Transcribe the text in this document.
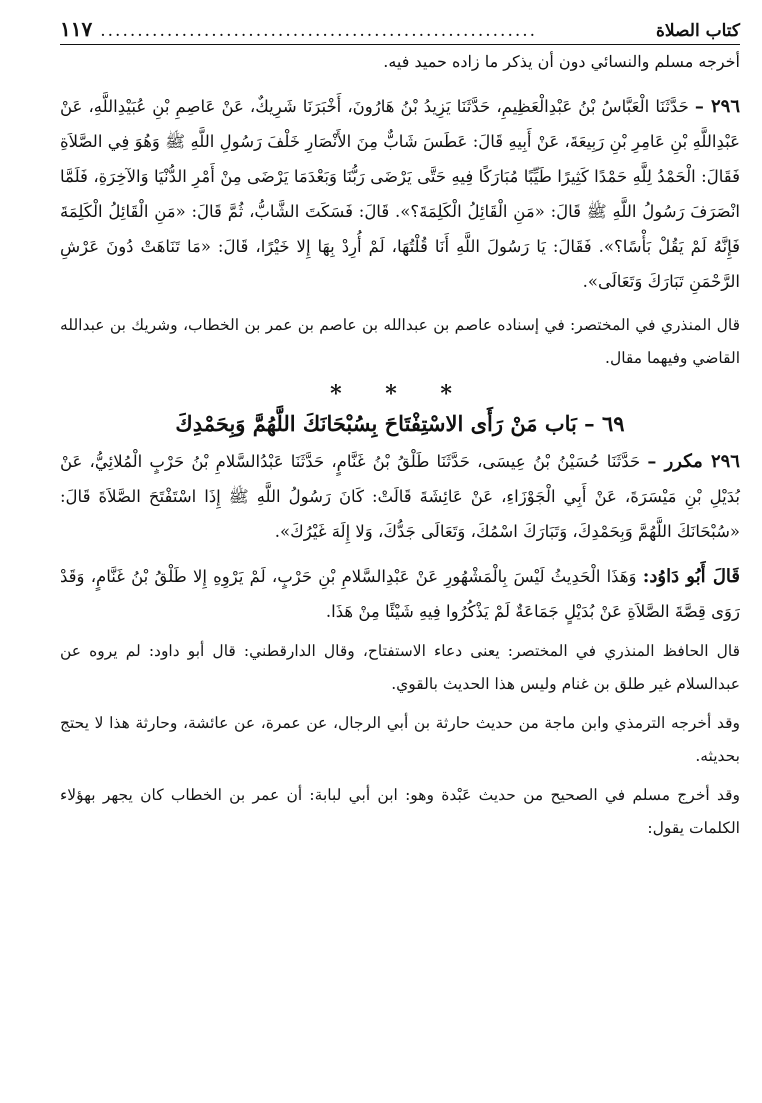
كتاب الصلاة
...........................................................
١١٧

أخرجه مسلم والنسائي دون أن يذكر ما زاده حميد فيه.

٢٩٦ – حَدَّثَنَا الْعَبَّاسُ بْنُ عَبْدِالْعَظِيمِ، حَدَّثَنَا يَزِيدُ بْنُ هَارُونَ، أَخْبَرَنَا شَرِيكٌ، عَنْ عَاصِمِ بْنِ عُبَيْدِاللَّهِ، عَنْ عَبْدِاللَّهِ بْنِ عَامِرِ بْنِ رَبِيعَةَ، عَنْ أَبِيهِ قَالَ: عَطَسَ شَابٌّ مِنَ الأَنْصَارِ خَلْفَ رَسُولِ اللَّهِ ﷺ وَهُوَ فِي الصَّلاَةِ فَقَالَ: الْحَمْدُ لِلَّهِ حَمْدًا كَثِيرًا طَيِّبًا مُبَارَكًا فِيهِ حَتَّى يَرْضَى رَبُّنَا وَبَعْدَمَا يَرْضَى مِنْ أَمْرِ الدُّنْيَا وَالآخِرَةِ، فَلَمَّا انْصَرَفَ رَسُولُ اللَّهِ ﷺ قَالَ: «مَنِ الْقَائِلُ الْكَلِمَةَ؟». قَالَ: فَسَكَتَ الشَّابُّ، ثُمَّ قَالَ: «مَنِ الْقَائِلُ الْكَلِمَةَ فَإِنَّهُ لَمْ يَقُلْ بَأْسًا؟». فَقَالَ: يَا رَسُولَ اللَّهِ أَنَا قُلْتُهَا، لَمْ أُرِدْ بِهَا إِلا خَيْرًا، قَالَ: «مَا تَنَاهَتْ دُونَ عَرْشِ الرَّحْمَنِ تَبَارَكَ وَتَعَالَى».

قال المنذري في المختصر: في إسناده عاصم بن عبدالله بن عاصم بن عمر بن الخطاب، وشريك بن عبدالله القاضي وفيهما مقال.

* * *
٦٩ – بَاب مَنْ رَأَى الاسْتِفْتَاحَ بِسُبْحَانَكَ اللَّهُمَّ وَبِحَمْدِكَ

٢٩٦ مكرر – حَدَّثَنَا حُسَيْنُ بْنُ عِيسَى، حَدَّثَنَا طَلْقُ بْنُ غَنَّامٍ، حَدَّثَنَا عَبْدُالسَّلامِ بْنُ حَرْبٍ الْمُلائِيُّ، عَنْ بُدَيْلِ بْنِ مَيْسَرَةَ، عَنْ أَبِي الْجَوْزَاءِ، عَنْ عَائِشَةَ قَالَتْ: كَانَ رَسُولُ اللَّهِ ﷺ إِذَا اسْتَفْتَحَ الصَّلاَةَ قَالَ: «سُبْحَانَكَ اللَّهُمَّ وَبِحَمْدِكَ، وَتَبَارَكَ اسْمُكَ، وَتَعَالَى جَدُّكَ، وَلا إِلَهَ غَيْرُكَ».

قَالَ أَبُو دَاوُد: وَهَذَا الْحَدِيثُ لَيْسَ بِالْمَشْهُورِ عَنْ عَبْدِالسَّلامِ بْنِ حَرْبٍ، لَمْ يَرْوِهِ إِلا طَلْقُ بْنُ غَنَّامٍ، وَقَدْ رَوَى قِصَّةَ الصَّلاَةِ عَنْ بُدَيْلٍ جَمَاعَةٌ لَمْ يَذْكُرُوا فِيهِ شَيْئًا مِنْ هَذَا.

قال الحافظ المنذري في المختصر: يعنى دعاء الاستفتاح، وقال الدارقطني: قال أبو داود: لم يروه عن عبدالسلام غير طلق بن غنام وليس هذا الحديث بالقوي.

وقد أخرجه الترمذي وابن ماجة من حديث حارثة بن أبي الرجال، عن عمرة، عن عائشة، وحارثة هذا لا يحتج بحديثه.

وقد أخرج مسلم في الصحيح من حديث عَبْدة وهو: ابن أبي لبابة: أن عمر بن الخطاب كان يجهر بهؤلاء الكلمات يقول:
